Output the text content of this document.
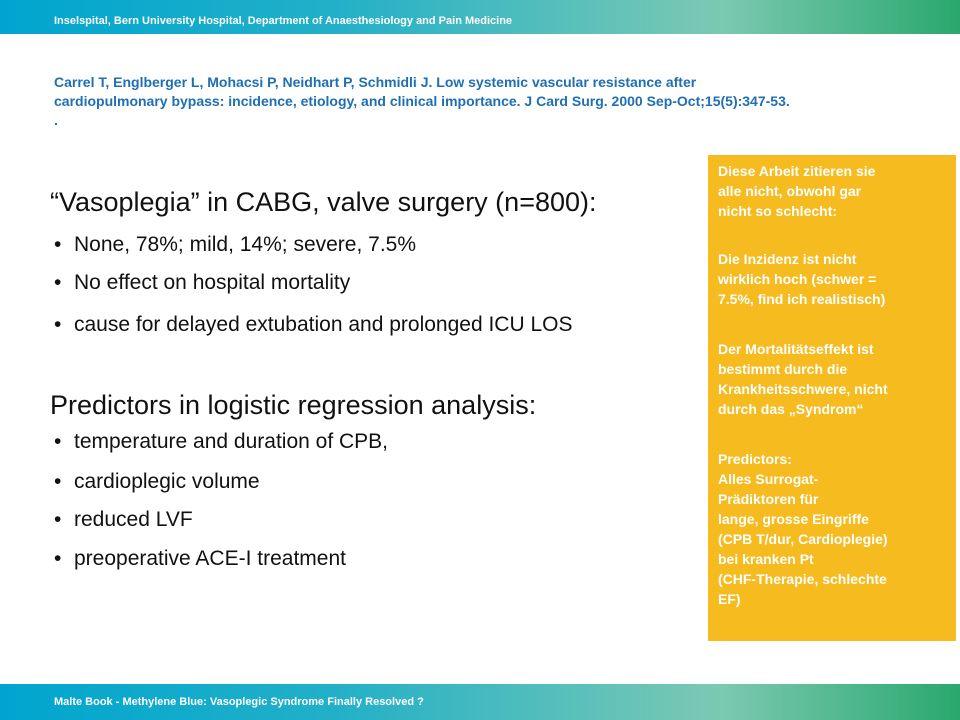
Inselspital, Bern University Hospital, Department of Anaesthesiology and Pain Medicine
Carrel T, Englberger L, Mohacsi P, Neidhart P, Schmidli J. Low systemic vascular resistance after
cardiopulmonary bypass: incidence, etiology, and clinical importance. J Card Surg. 2000 Sep-Oct;15(5):347-53.
.
“Vasoplegia” in CABG, valve surgery (n=800):
• None, 78%; mild, 14%; severe, 7.5%
• No effect on hospital mortality
• cause for delayed extubation and prolonged ICU LOS
Predictors in logistic regression analysis:
• temperature and duration of CPB,
• cardioplegic volume
• reduced LVF
• preoperative ACE-I treatment
Diese Arbeit zitieren sie
alle nicht, obwohl gar
nicht so schlecht:
Die Inzidenz ist nicht
wirklich hoch (schwer =
7.5%, find ich realistisch)
Der Mortalitätseffekt ist
bestimmt durch die
Krankheitsschwere, nicht
durch das „Syndrom“
Predictors:
Alles Surrogat-
Prädiktoren für
lange, grosse Eingriffe
(CPB T/dur, Cardioplegie)
bei kranken Pt
(CHF-Therapie, schlechte
EF)
Malte Book - Methylene Blue: Vasoplegic Syndrome Finally Resolved ?
